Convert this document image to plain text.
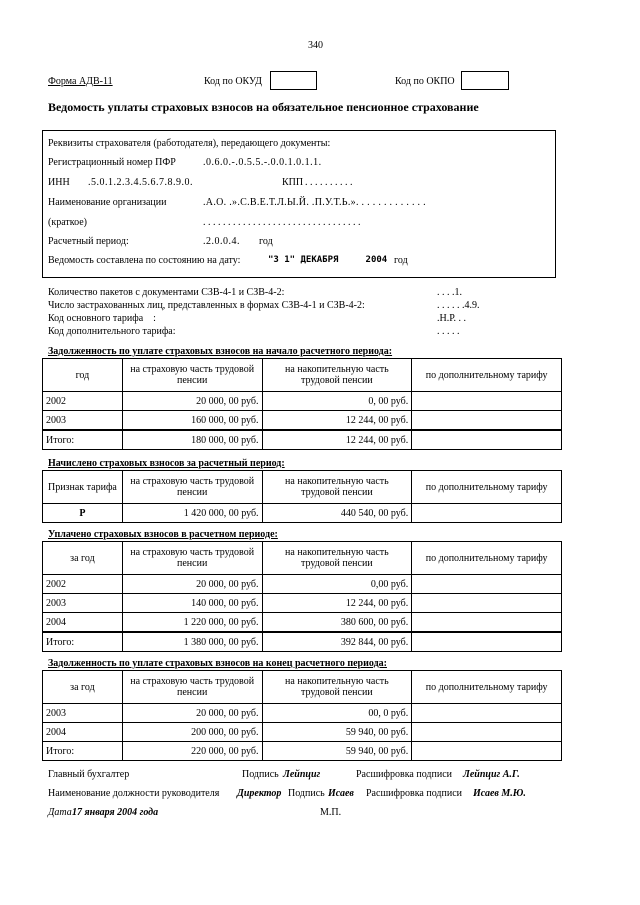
340
Форма АДВ-11	Код по ОКУД	Код по ОКПО
Ведомость уплаты страховых взносов на обязательное пенсионное страхование
Реквизиты страхователя (работодателя), передающего документы:
Регистрационный номер ПФР	.0.6.0.-.0.5.5.-.0.0.1.0.1.1.
ИНН .5.0.1.2.3.4.5.6.7.8.9.0.	КПП . . . . . . . . . .
Наименование организации	.А.О. .».С.В.Е.Т.Л.Ы.Й. .П.У.Т.Ь.». . . . . . . . . . . . .
(краткое)	. . . . . . . . . . . . . . . . . . . . . . . . . . . . . . . .
Расчетный период:	.2.0.0.4. год
Ведомость составлена по состоянию на дату:	"3 1" ДЕКАБРЯ     2004 год
Количество пакетов с документами СЗВ-4-1 и СЗВ-4-2:	. . . .1.
Число застрахованных лиц, представленных в формах СЗВ-4-1 и СЗВ-4-2:	. . . . . .4.9.
Код основного тарифа    :	.Н.Р. . .
Код дополнительного тарифа:	. . . . .
Задолженность по уплате страховых взносов на начало расчетного периода:
год	на страховую часть трудовой пенсии	на накопительную часть трудовой пенсии	по дополнительному тарифу
2002	20 000, 00 руб.	0, 00 руб.	
2003	160 000, 00 руб.	12 244, 00 руб.	
Итого:	180 000, 00 руб.	12 244, 00 руб.	
Начислено страховых взносов за расчетный период:
Признак тарифа	на страховую часть трудовой пенсии	на накопительную часть трудовой пенсии	по дополнительному тарифу
Р	1 420 000, 00 руб.	440 540, 00 руб.	
Уплачено страховых взносов в расчетном периоде:
за год	на страховую часть трудовой пенсии	на накопительную часть трудовой пенсии	по дополнительному тарифу
2002	20 000, 00 руб.	0,00 руб.	
2003	140 000, 00 руб.	12 244, 00 руб.	
2004	1 220 000, 00 руб.	380 600, 00 руб.	
Итого:	1 380 000, 00 руб.	392 844, 00 руб.	
Задолженность по уплате страховых взносов на конец расчетного периода:
за год	на страховую часть трудовой пенсии	на накопительную часть трудовой пенсии	по дополнительному тарифу
2003	20 000, 00 руб.	00, 0 руб.	
2004	200 000, 00 руб.	59 940, 00 руб.	
Итого:	220 000, 00 руб.	59 940, 00 руб.	
Главный бухгалтер	Подпись Лейпциг	Расшифровка подписи Лейпциг А.Г.
Наименование должности руководителя Директор Подпись Исаев Расшифровка подписи Исаев М.Ю.
Дата 17 января 2004 года	М.П.
